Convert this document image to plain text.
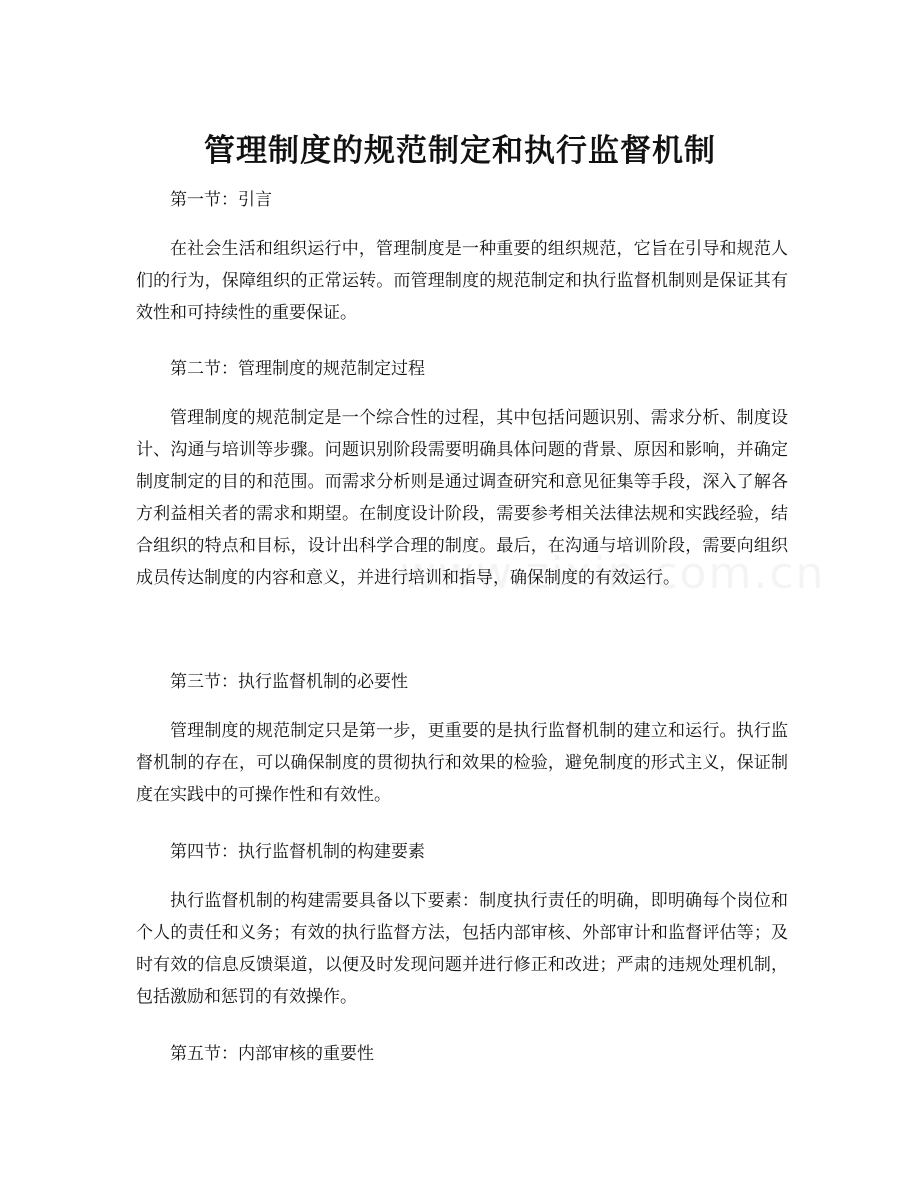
管理制度的规范制定和执行监督机制

第一节：引言

在社会生活和组织运行中，管理制度是一种重要的组织规范，它旨在引导和规范人们的行为，保障组织的正常运转。而管理制度的规范制定和执行监督机制则是保证其有效性和可持续性的重要保证。

第二节：管理制度的规范制定过程

管理制度的规范制定是一个综合性的过程，其中包括问题识别、需求分析、制度设计、沟通与培训等步骤。问题识别阶段需要明确具体问题的背景、原因和影响，并确定制度制定的目的和范围。而需求分析则是通过调查研究和意见征集等手段，深入了解各方利益相关者的需求和期望。在制度设计阶段，需要参考相关法律法规和实践经验，结合组织的特点和目标，设计出科学合理的制度。最后，在沟通与培训阶段，需要向组织成员传达制度的内容和意义，并进行培训和指导，确保制度的有效运行。

第三节：执行监督机制的必要性

管理制度的规范制定只是第一步，更重要的是执行监督机制的建立和运行。执行监督机制的存在，可以确保制度的贯彻执行和效果的检验，避免制度的形式主义，保证制度在实践中的可操作性和有效性。

第四节：执行监督机制的构建要素

执行监督机制的构建需要具备以下要素：制度执行责任的明确，即明确每个岗位和个人的责任和义务；有效的执行监督方法，包括内部审核、外部审计和监督评估等；及时有效的信息反馈渠道，以便及时发现问题并进行修正和改进；严肃的违规处理机制，包括激励和惩罚的有效操作。

第五节：内部审核的重要性
